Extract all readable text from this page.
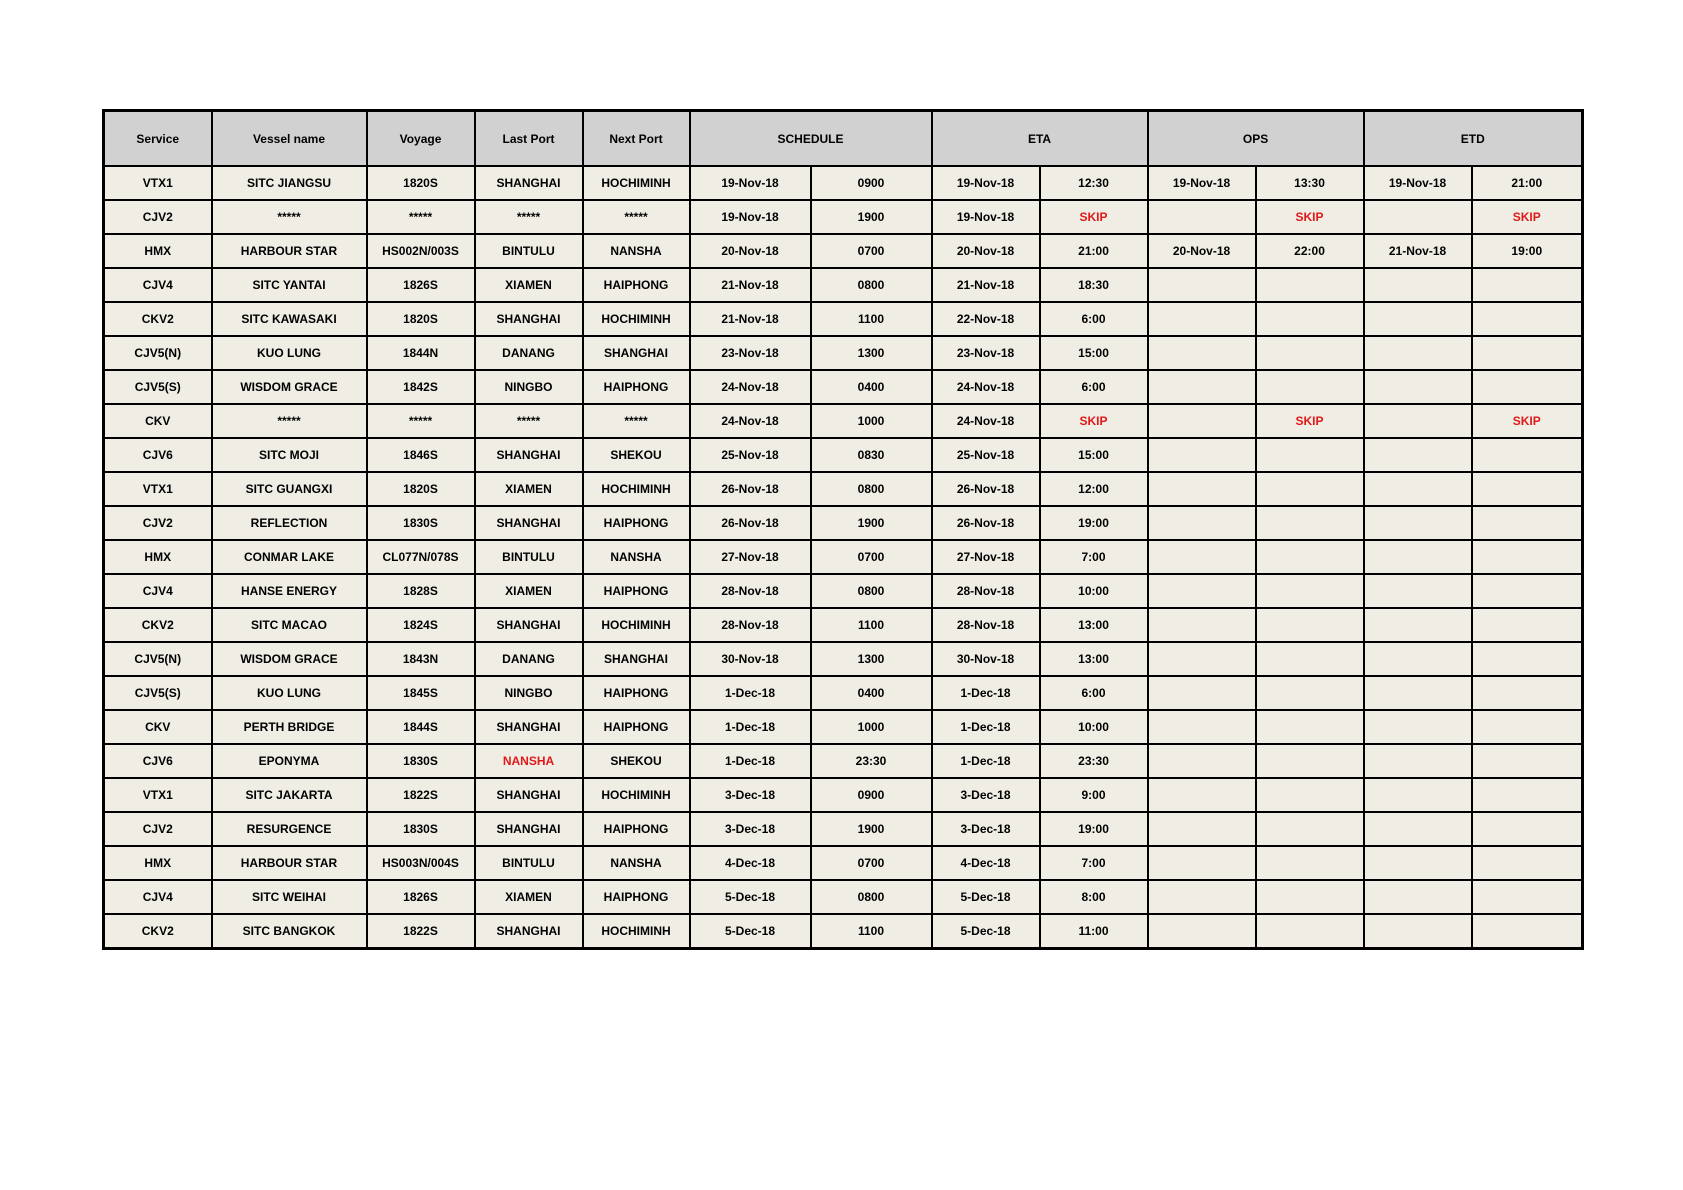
Service	Vessel name	Voyage	Last Port	Next Port	SCHEDULE		ETA		OPS		ETD	
VTX1	SITC JIANGSU	1820S	SHANGHAI	HOCHIMINH	19-Nov-18	0900	19-Nov-18	12:30	19-Nov-18	13:30	19-Nov-18	21:00
CJV2	*****	*****	*****	*****	19-Nov-18	1900	19-Nov-18	SKIP		SKIP		SKIP
HMX	HARBOUR STAR	HS002N/003S	BINTULU	NANSHA	20-Nov-18	0700	20-Nov-18	21:00	20-Nov-18	22:00	21-Nov-18	19:00
CJV4	SITC YANTAI	1826S	XIAMEN	HAIPHONG	21-Nov-18	0800	21-Nov-18	18:30				
CKV2	SITC KAWASAKI	1820S	SHANGHAI	HOCHIMINH	21-Nov-18	1100	22-Nov-18	6:00				
CJV5(N)	KUO LUNG	1844N	DANANG	SHANGHAI	23-Nov-18	1300	23-Nov-18	15:00				
CJV5(S)	WISDOM GRACE	1842S	NINGBO	HAIPHONG	24-Nov-18	0400	24-Nov-18	6:00				
CKV	*****	*****	*****	*****	24-Nov-18	1000	24-Nov-18	SKIP		SKIP		SKIP
CJV6	SITC MOJI	1846S	SHANGHAI	SHEKOU	25-Nov-18	0830	25-Nov-18	15:00				
VTX1	SITC GUANGXI	1820S	XIAMEN	HOCHIMINH	26-Nov-18	0800	26-Nov-18	12:00				
CJV2	REFLECTION	1830S	SHANGHAI	HAIPHONG	26-Nov-18	1900	26-Nov-18	19:00				
HMX	CONMAR LAKE	CL077N/078S	BINTULU	NANSHA	27-Nov-18	0700	27-Nov-18	7:00				
CJV4	HANSE ENERGY	1828S	XIAMEN	HAIPHONG	28-Nov-18	0800	28-Nov-18	10:00				
CKV2	SITC MACAO	1824S	SHANGHAI	HOCHIMINH	28-Nov-18	1100	28-Nov-18	13:00				
CJV5(N)	WISDOM GRACE	1843N	DANANG	SHANGHAI	30-Nov-18	1300	30-Nov-18	13:00				
CJV5(S)	KUO LUNG	1845S	NINGBO	HAIPHONG	1-Dec-18	0400	1-Dec-18	6:00				
CKV	PERTH BRIDGE	1844S	SHANGHAI	HAIPHONG	1-Dec-18	1000	1-Dec-18	10:00				
CJV6	EPONYMA	1830S	NANSHA	SHEKOU	1-Dec-18	23:30	1-Dec-18	23:30				
VTX1	SITC JAKARTA	1822S	SHANGHAI	HOCHIMINH	3-Dec-18	0900	3-Dec-18	9:00				
CJV2	RESURGENCE	1830S	SHANGHAI	HAIPHONG	3-Dec-18	1900	3-Dec-18	19:00				
HMX	HARBOUR STAR	HS003N/004S	BINTULU	NANSHA	4-Dec-18	0700	4-Dec-18	7:00				
CJV4	SITC WEIHAI	1826S	XIAMEN	HAIPHONG	5-Dec-18	0800	5-Dec-18	8:00				
CKV2	SITC BANGKOK	1822S	SHANGHAI	HOCHIMINH	5-Dec-18	1100	5-Dec-18	11:00				
